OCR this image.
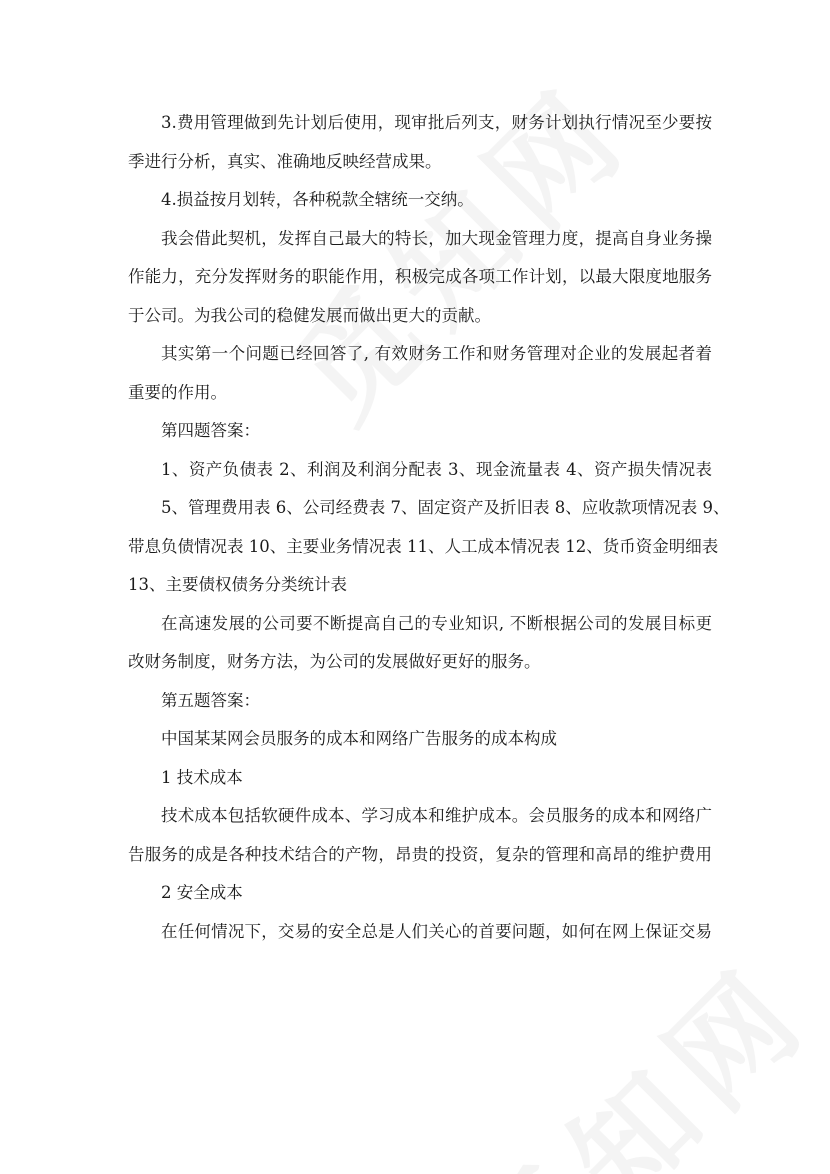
3.费用管理做到先计划后使用，现审批后列支，财务计划执行情况至少要按
季进行分析，真实、准确地反映经营成果。
4.损益按月划转，各种税款全辖统一交纳。
我会借此契机，发挥自己最大的特长，加大现金管理力度，提高自身业务操
作能力，充分发挥财务的职能作用，积极完成各项工作计划，以最大限度地服务
于公司。为我公司的稳健发展而做出更大的贡献。
其实第一个问题已经回答了, 有效财务工作和财务管理对企业的发展起者着
重要的作用。
第四题答案：
1、资产负债表 2、利润及利润分配表 3、现金流量表 4、资产损失情况表
5、管理费用表 6、公司经费表 7、固定资产及折旧表 8、应收款项情况表 9、
带息负债情况表 10、主要业务情况表 11、人工成本情况表 12、货币资金明细表
13、主要债权债务分类统计表
在高速发展的公司要不断提高自己的专业知识, 不断根据公司的发展目标更
改财务制度，财务方法，为公司的发展做好更好的服务。
第五题答案：
中国某某网会员服务的成本和网络广告服务的成本构成
1 技术成本
技术成本包括软硬件成本、学习成本和维护成本。会员服务的成本和网络广
告服务的成是各种技术结合的产物，昂贵的投资，复杂的管理和高昂的维护费用
2 安全成本
在任何情况下，交易的安全总是人们关心的首要问题，如何在网上保证交易
